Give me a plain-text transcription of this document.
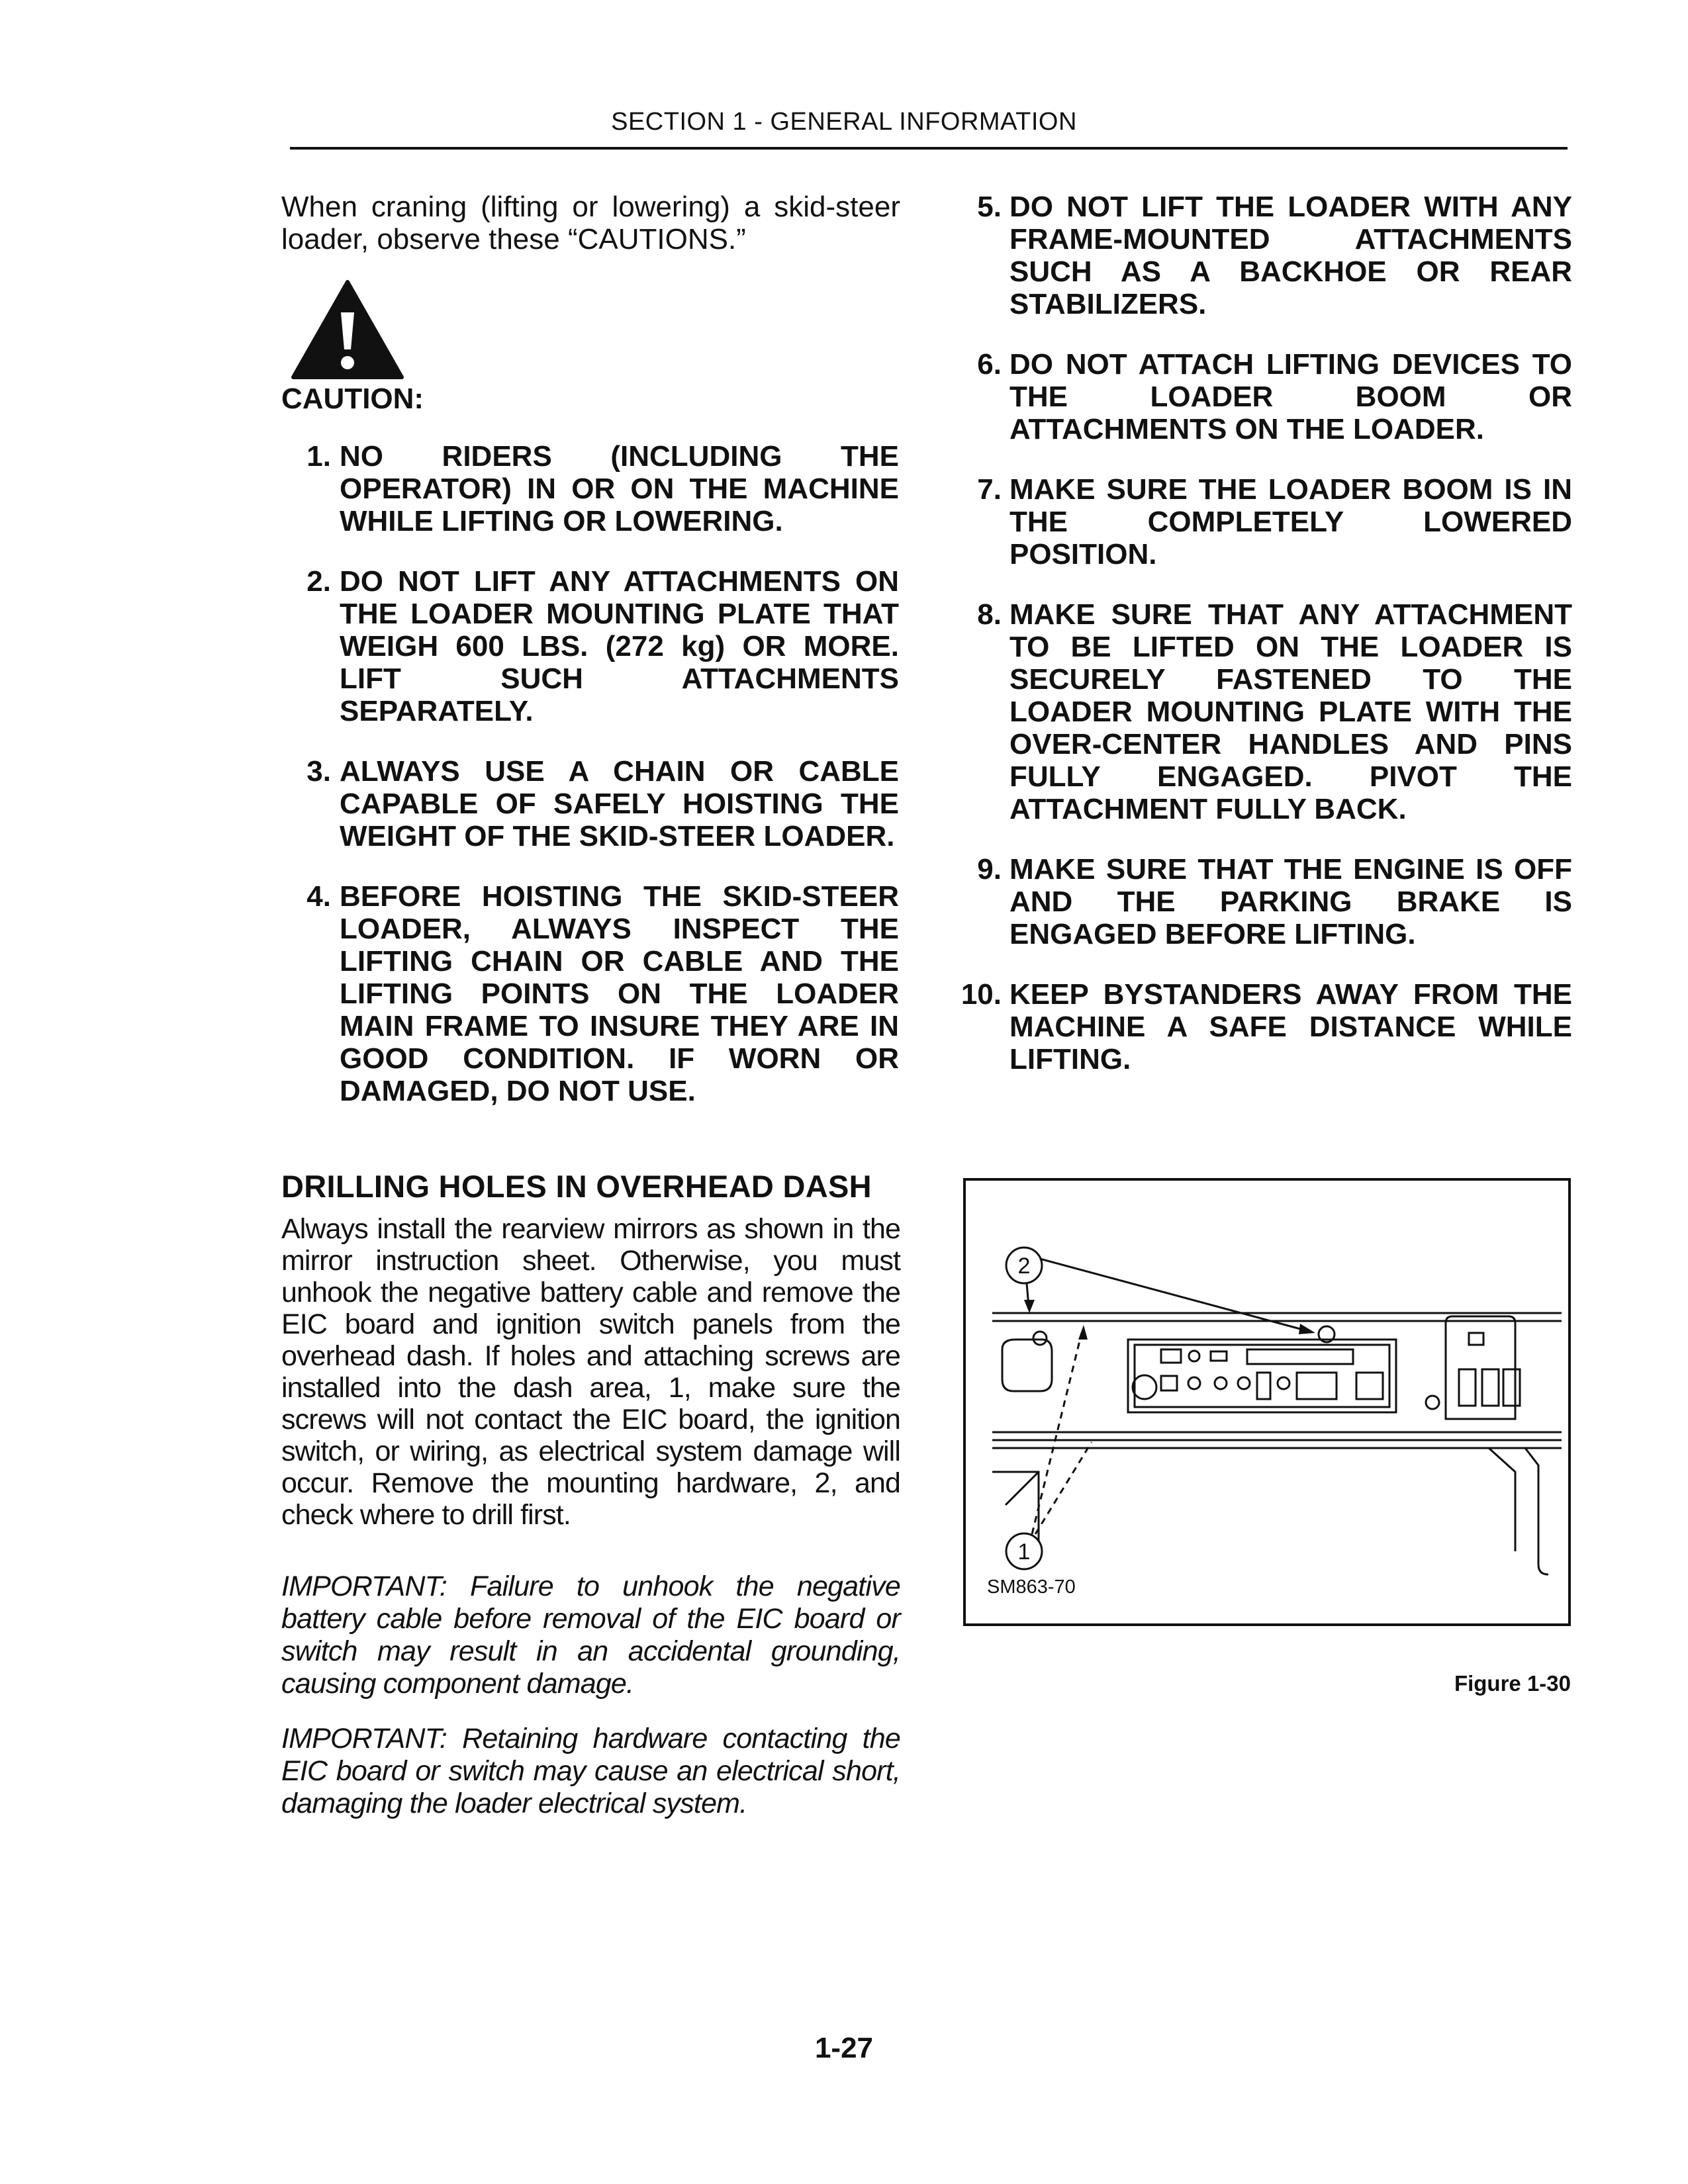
SECTION 1 - GENERAL INFORMATION
When craning (lifting or lowering) a skid-steer loader, observe these “CAUTIONS.”
CAUTION:
1. NO RIDERS (INCLUDING THE OPERATOR) IN OR ON THE MACHINE WHILE LIFTING OR LOWERING.
2. DO NOT LIFT ANY ATTACHMENTS ON THE LOADER MOUNTING PLATE THAT WEIGH 600 LBS. (272 kg) OR MORE. LIFT SUCH ATTACHMENTS SEPARATELY.
3. ALWAYS USE A CHAIN OR CABLE CAPABLE OF SAFELY HOISTING THE WEIGHT OF THE SKID-STEER LOADER.
4. BEFORE HOISTING THE SKID-STEER LOADER, ALWAYS INSPECT THE LIFTING CHAIN OR CABLE AND THE LIFTING POINTS ON THE LOADER MAIN FRAME TO INSURE THEY ARE IN GOOD CONDITION. IF WORN OR DAMAGED, DO NOT USE.
5. DO NOT LIFT THE LOADER WITH ANY FRAME-MOUNTED ATTACHMENTS SUCH AS A BACKHOE OR REAR STABILIZERS.
6. DO NOT ATTACH LIFTING DEVICES TO THE LOADER BOOM OR ATTACHMENTS ON THE LOADER.
7. MAKE SURE THE LOADER BOOM IS IN THE COMPLETELY LOWERED POSITION.
8. MAKE SURE THAT ANY ATTACHMENT TO BE LIFTED ON THE LOADER IS SECURELY FASTENED TO THE LOADER MOUNTING PLATE WITH THE OVER-CENTER HANDLES AND PINS FULLY ENGAGED. PIVOT THE ATTACHMENT FULLY BACK.
9. MAKE SURE THAT THE ENGINE IS OFF AND THE PARKING BRAKE IS ENGAGED BEFORE LIFTING.
10. KEEP BYSTANDERS AWAY FROM THE MACHINE A SAFE DISTANCE WHILE LIFTING.
DRILLING HOLES IN OVERHEAD DASH
Always install the rearview mirrors as shown in the mirror instruction sheet. Otherwise, you must unhook the negative battery cable and remove the EIC board and ignition switch panels from the overhead dash. If holes and attaching screws are installed into the dash area, 1, make sure the screws will not contact the EIC board, the ignition switch, or wiring, as electrical system damage will occur. Remove the mounting hardware, 2, and check where to drill first.
IMPORTANT: Failure to unhook the negative battery cable before removal of the EIC board or switch may result in an accidental grounding, causing component damage.
IMPORTANT: Retaining hardware contacting the EIC board or switch may cause an electrical short, damaging the loader electrical system.
2
1
SM863-70
Figure 1-30
1-27
